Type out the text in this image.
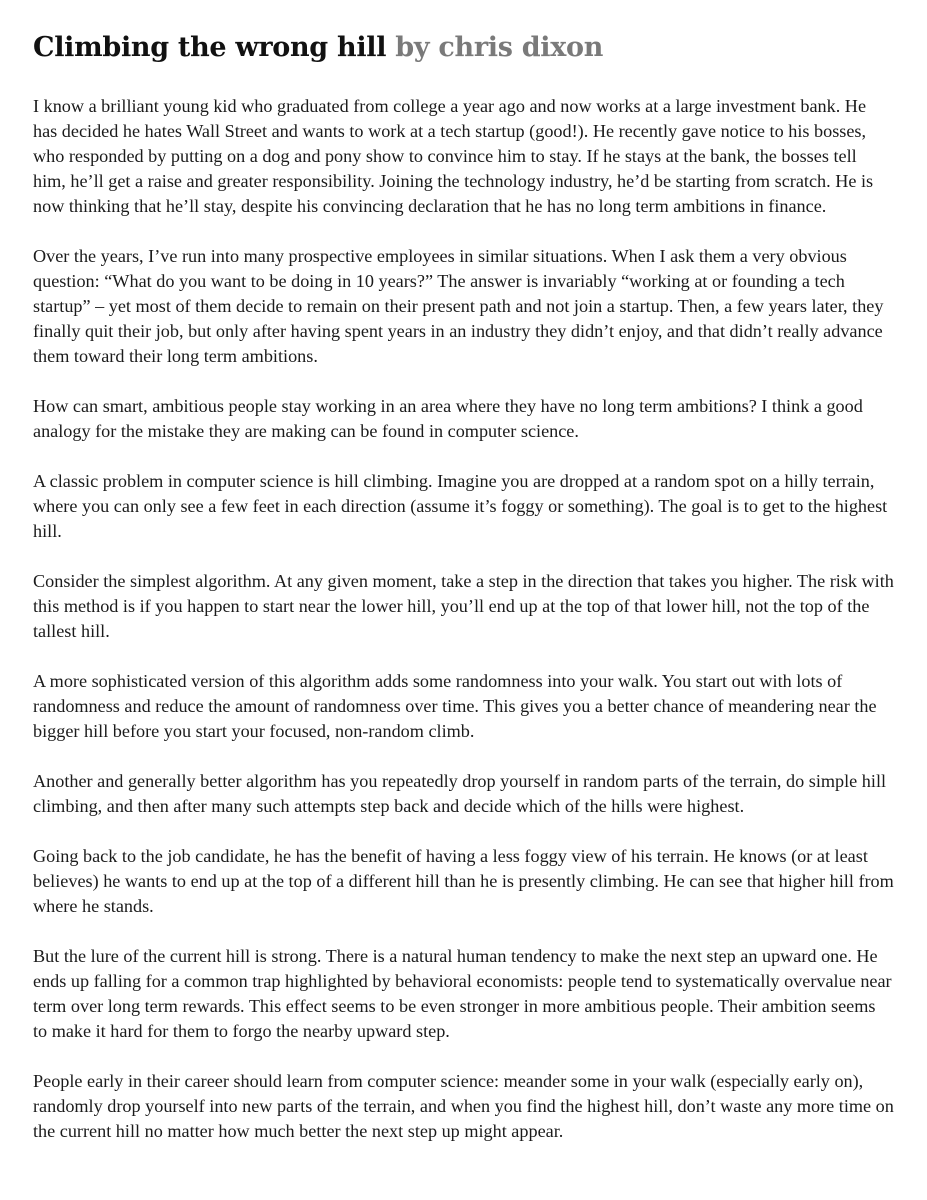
Climbing the wrong hill by chris dixon

I know a brilliant young kid who graduated from college a year ago and now works at a large investment bank. He has decided he hates Wall Street and wants to work at a tech startup (good!). He recently gave notice to his bosses, who responded by putting on a dog and pony show to convince him to stay. If he stays at the bank, the bosses tell him, he’ll get a raise and greater responsibility. Joining the technology industry, he’d be starting from scratch. He is now thinking that he’ll stay, despite his convincing declaration that he has no long term ambitions in finance.

Over the years, I’ve run into many prospective employees in similar situations. When I ask them a very obvious question: “What do you want to be doing in 10 years?” The answer is invariably “working at or founding a tech startup” – yet most of them decide to remain on their present path and not join a startup. Then, a few years later, they finally quit their job, but only after having spent years in an industry they didn’t enjoy, and that didn’t really advance them toward their long term ambitions.

How can smart, ambitious people stay working in an area where they have no long term ambitions? I think a good analogy for the mistake they are making can be found in computer science.

A classic problem in computer science is hill climbing. Imagine you are dropped at a random spot on a hilly terrain, where you can only see a few feet in each direction (assume it’s foggy or something). The goal is to get to the highest hill.

Consider the simplest algorithm. At any given moment, take a step in the direction that takes you higher. The risk with this method is if you happen to start near the lower hill, you’ll end up at the top of that lower hill, not the top of the tallest hill.

A more sophisticated version of this algorithm adds some randomness into your walk. You start out with lots of randomness and reduce the amount of randomness over time. This gives you a better chance of meandering near the bigger hill before you start your focused, non-random climb.

Another and generally better algorithm has you repeatedly drop yourself in random parts of the terrain, do simple hill climbing, and then after many such attempts step back and decide which of the hills were highest.

Going back to the job candidate, he has the benefit of having a less foggy view of his terrain. He knows (or at least believes) he wants to end up at the top of a different hill than he is presently climbing. He can see that higher hill from where he stands.

But the lure of the current hill is strong. There is a natural human tendency to make the next step an upward one. He ends up falling for a common trap highlighted by behavioral economists: people tend to systematically overvalue near term over long term rewards. This effect seems to be even stronger in more ambitious people. Their ambition seems to make it hard for them to forgo the nearby upward step.

People early in their career should learn from computer science: meander some in your walk (especially early on), randomly drop yourself into new parts of the terrain, and when you find the highest hill, don’t waste any more time on the current hill no matter how much better the next step up might appear.
